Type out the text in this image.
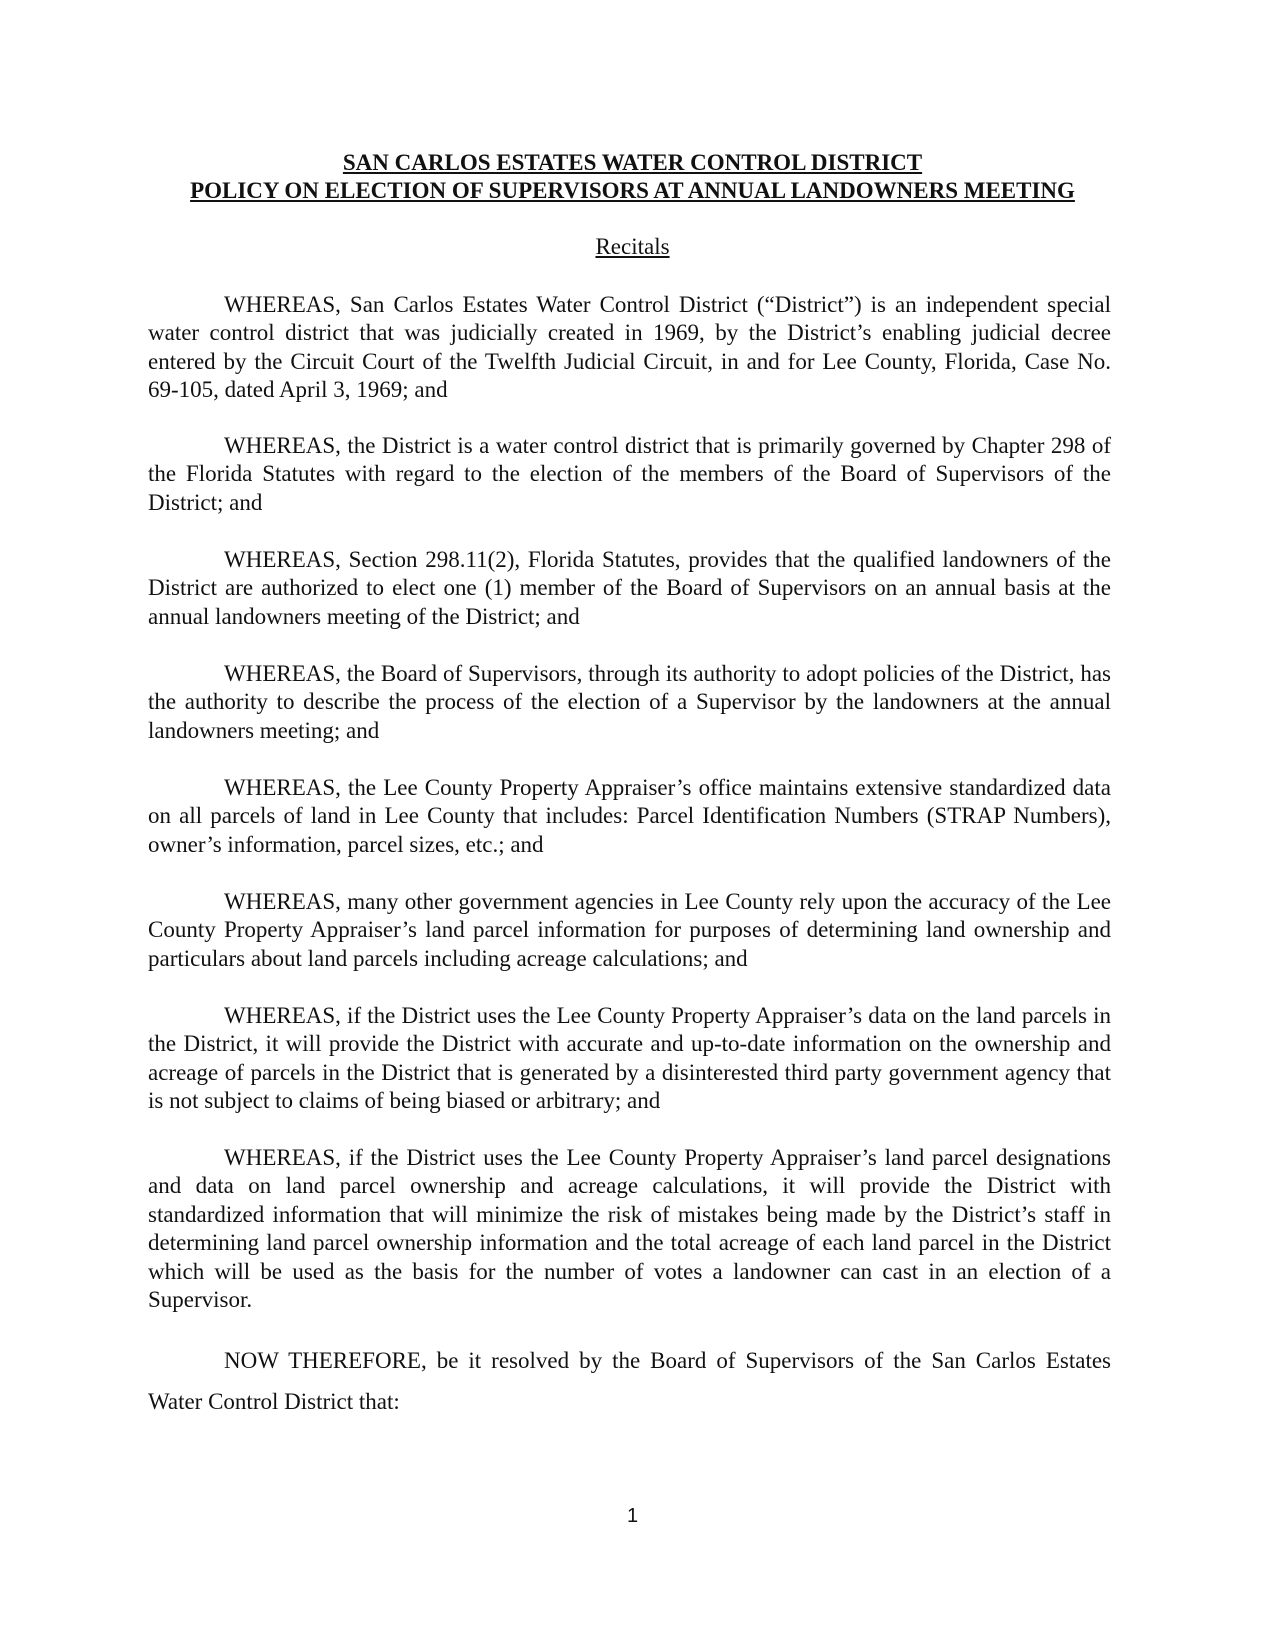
SAN CARLOS ESTATES WATER CONTROL DISTRICT
POLICY ON ELECTION OF SUPERVISORS AT ANNUAL LANDOWNERS MEETING
Recitals

WHEREAS, San Carlos Estates Water Control District (“District”) is an independent special water control district that was judicially created in 1969, by the District’s enabling judicial decree entered by the Circuit Court of the Twelfth Judicial Circuit, in and for Lee County, Florida, Case No. 69-105, dated April 3, 1969; and

WHEREAS, the District is a water control district that is primarily governed by Chapter 298 of the Florida Statutes with regard to the election of the members of the Board of Supervisors of the District; and

WHEREAS, Section 298.11(2), Florida Statutes, provides that the qualified landowners of the District are authorized to elect one (1) member of the Board of Supervisors on an annual basis at the annual landowners meeting of the District; and

WHEREAS, the Board of Supervisors, through its authority to adopt policies of the District, has the authority to describe the process of the election of a Supervisor by the landowners at the annual landowners meeting; and

WHEREAS, the Lee County Property Appraiser’s office maintains extensive standardized data on all parcels of land in Lee County that includes: Parcel Identification Numbers (STRAP Numbers), owner’s information, parcel sizes, etc.; and

WHEREAS, many other government agencies in Lee County rely upon the accuracy of the Lee County Property Appraiser’s land parcel information for purposes of determining land ownership and particulars about land parcels including acreage calculations; and

WHEREAS, if the District uses the Lee County Property Appraiser’s data on the land parcels in the District, it will provide the District with accurate and up-to-date information on the ownership and acreage of parcels in the District that is generated by a disinterested third party government agency that is not subject to claims of being biased or arbitrary; and

WHEREAS, if the District uses the Lee County Property Appraiser’s land parcel designations and data on land parcel ownership and acreage calculations, it will provide the District with standardized information that will minimize the risk of mistakes being made by the District’s staff in determining land parcel ownership information and the total acreage of each land parcel in the District which will be used as the basis for the number of votes a landowner can cast in an election of a Supervisor.

NOW THEREFORE, be it resolved by the Board of Supervisors of the San Carlos Estates Water Control District that:

1
